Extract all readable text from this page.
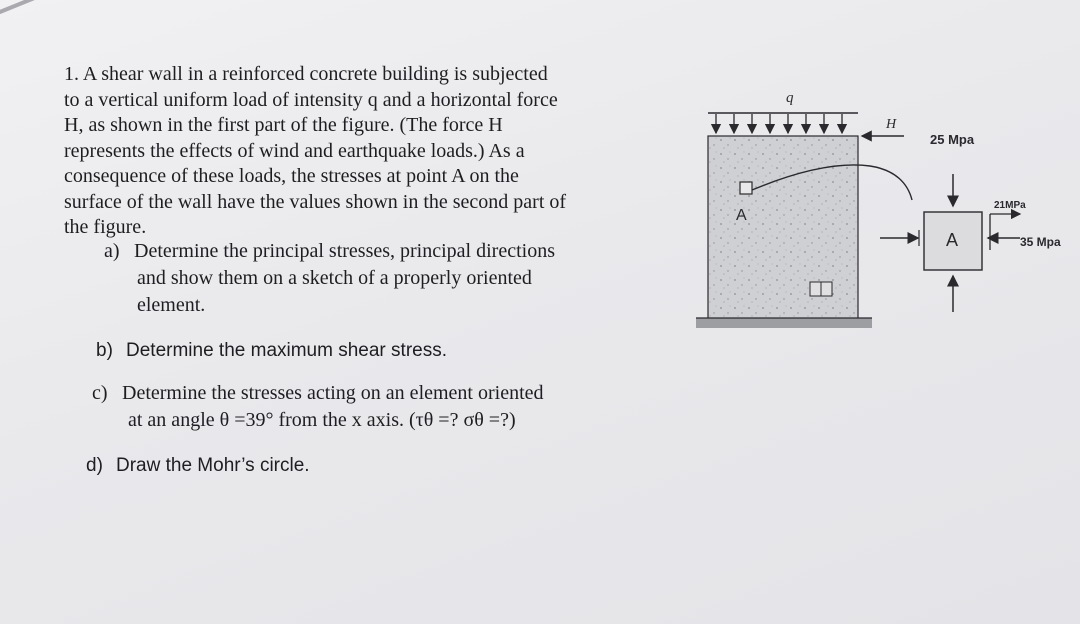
1. A shear wall in a reinforced concrete building is subjected
to a vertical uniform load of intensity q and a horizontal force
H, as shown in the first part of the figure. (The force H
represents the effects of wind and earthquake loads.) As a
consequence of these loads, the stresses at point A on the
surface of the wall have the values shown in the second part of
the figure.

a) Determine the principal stresses, principal directions
and show them on a sketch of a properly oriented
element.
b) Determine the maximum shear stress.
c) Determine the stresses acting on an element oriented
at an angle θ =39° from the x axis. (τθ =? σθ =?)
d) Draw the Mohr’s circle.
q
H
A
A
25 Mpa
35 Mpa
21MPa
